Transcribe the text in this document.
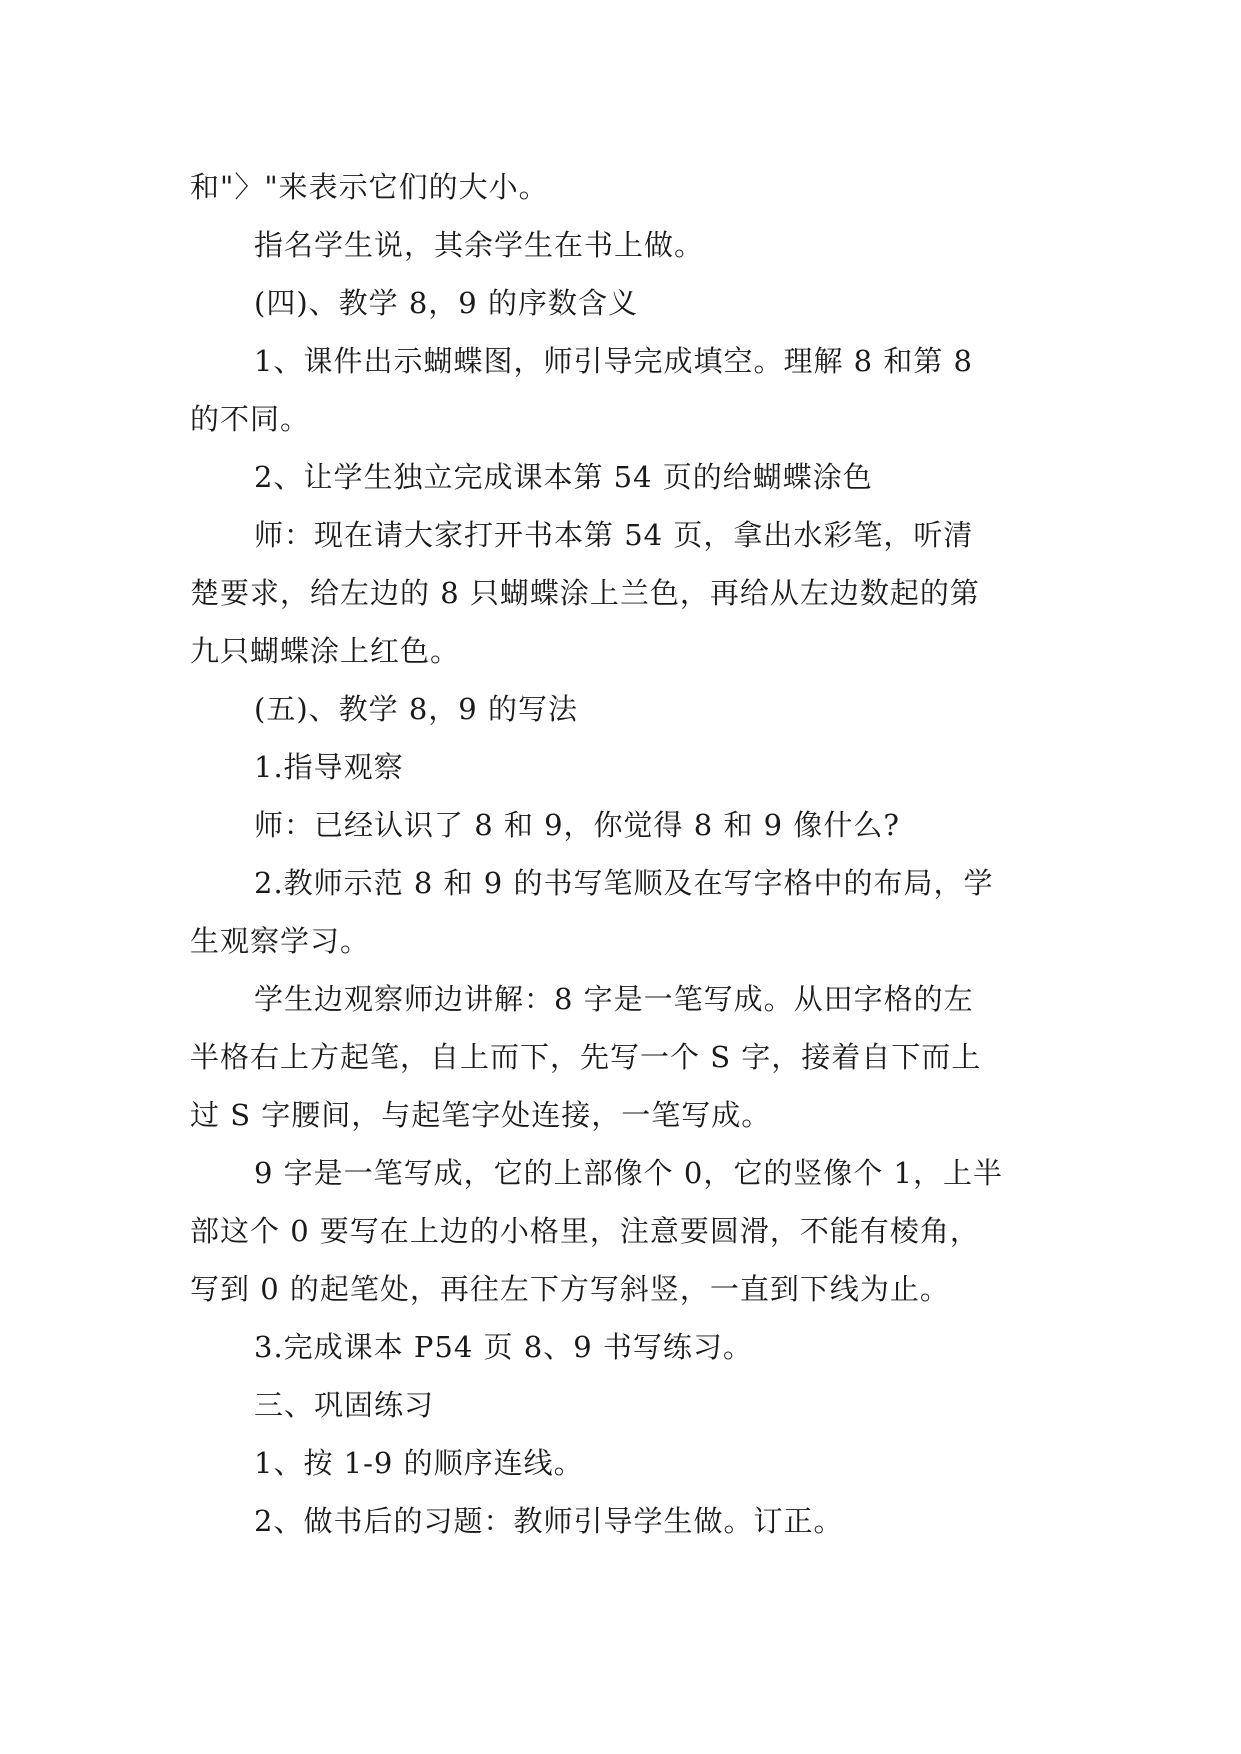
和"〉"来表示它们的大小。
指名学生说，其余学生在书上做。
(四)、教学 8，9 的序数含义
1、课件出示蝴蝶图，师引导完成填空。理解 8 和第 8
的不同。
2、让学生独立完成课本第 54 页的给蝴蝶涂色
师：现在请大家打开书本第 54 页，拿出水彩笔，听清
楚要求，给左边的 8 只蝴蝶涂上兰色，再给从左边数起的第
九只蝴蝶涂上红色。
(五)、教学 8，9 的写法
1.指导观察
师：已经认识了 8 和 9，你觉得 8 和 9 像什么?
2.教师示范 8 和 9 的书写笔顺及在写字格中的布局，学
生观察学习。
学生边观察师边讲解：8 字是一笔写成。从田字格的左
半格右上方起笔，自上而下，先写一个 S 字，接着自下而上
过 S 字腰间，与起笔字处连接，一笔写成。
9 字是一笔写成，它的上部像个 0，它的竖像个 1，上半
部这个 0 要写在上边的小格里，注意要圆滑，不能有棱角，
写到 0 的起笔处，再往左下方写斜竖，一直到下线为止。
3.完成课本 P54 页 8、9 书写练习。
三、巩固练习
1、按 1-9 的顺序连线。
2、做书后的习题：教师引导学生做。订正。
